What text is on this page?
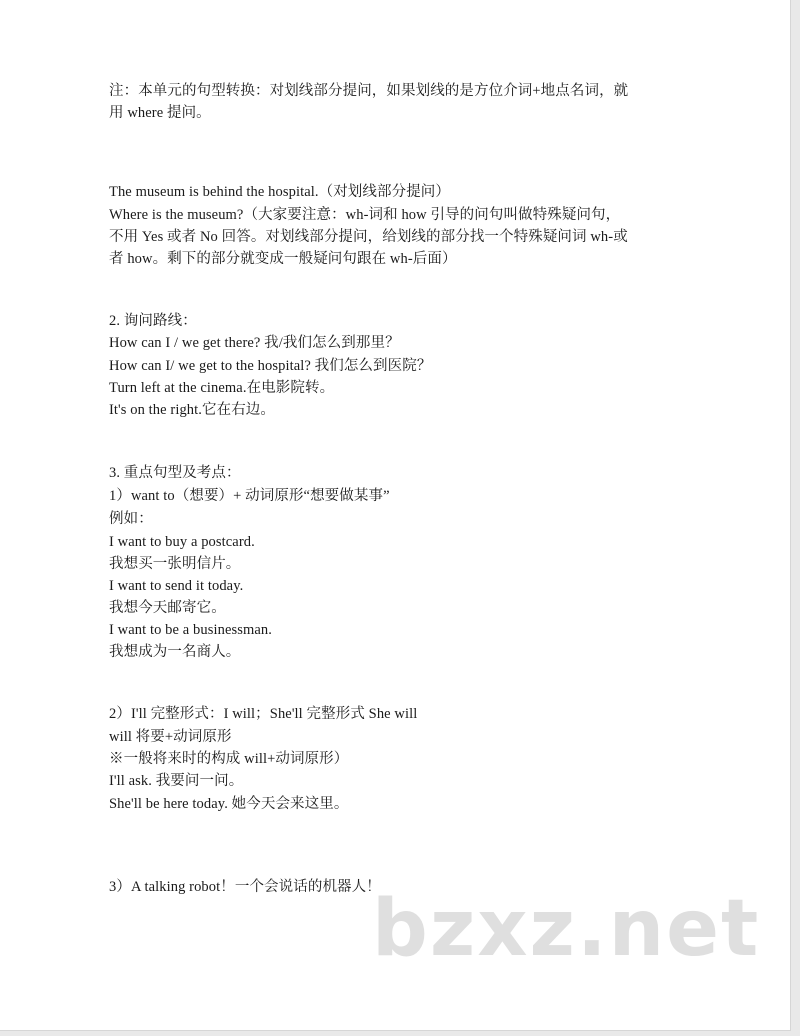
注：本单元的句型转换：对划线部分提问，如果划线的是方位介词+地点名词，就
用 where 提问。
The museum is behind the hospital.（对划线部分提问）
Where is the museum?（大家要注意：wh-词和 how 引导的问句叫做特殊疑问句，
不用 Yes 或者 No 回答。对划线部分提问，给划线的部分找一个特殊疑问词 wh-或
者 how。剩下的部分就变成一般疑问句跟在 wh-后面）
2. 询问路线：
How can I / we get there? 我/我们怎么到那里？
How can I/ we get to the hospital? 我们怎么到医院？
Turn left at the cinema.在电影院转。
It's on the right.它在右边。
3. 重点句型及考点：
1）want to（想要）+ 动词原形“想要做某事”
例如：
I want to buy a postcard.
我想买一张明信片。
I want to send it today.
我想今天邮寄它。
I want to be a businessman.
我想成为一名商人。
2）I'll 完整形式：I will；She'll 完整形式 She will
will 将要+动词原形
※一般将来时的构成 will+动词原形）
I'll ask. 我要问一问。
She'll be here today. 她今天会来这里。
3）A talking robot！一个会说话的机器人！
bzxz.net
